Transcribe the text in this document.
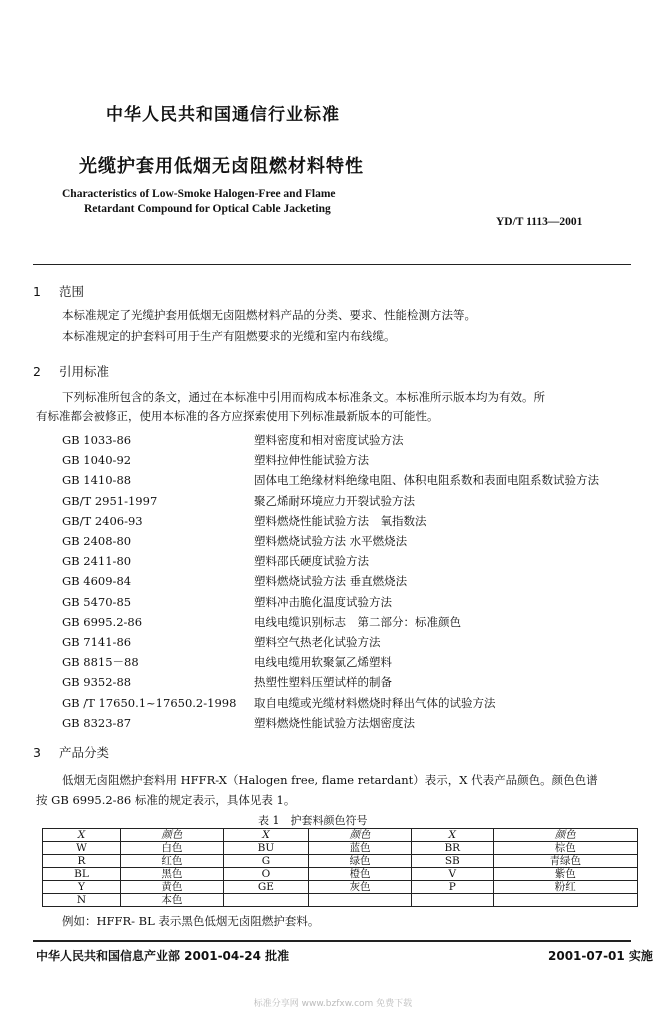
中华人民共和国通信行业标准
光缆护套用低烟无卤阻燃材料特性
Characteristics of Low-Smoke Halogen-Free and Flame
Retardant Compound for Optical Cable Jacketing
YD/T 1113—2001
1 范围
本标准规定了光缆护套用低烟无卤阻燃材料产品的分类、要求、性能检测方法等。
本标准规定的护套料可用于生产有阻燃要求的光缆和室内布线缆。
2 引用标准
下列标准所包含的条文，通过在本标准中引用而构成本标准条文。本标准所示版本均为有效。所
有标准都会被修正，使用本标准的各方应探索使用下列标准最新版本的可能性。
GB 1033-86	塑料密度和相对密度试验方法
GB 1040-92	塑料拉伸性能试验方法
GB 1410-88	固体电工绝缘材料绝缘电阻、体积电阻系数和表面电阻系数试验方法
GB/T 2951-1997	聚乙烯耐环境应力开裂试验方法
GB/T 2406-93	塑料燃烧性能试验方法　氧指数法
GB 2408-80	塑料燃烧试验方法 水平燃烧法
GB 2411-80	塑料邵氏硬度试验方法
GB 4609-84	塑料燃烧试验方法 垂直燃烧法
GB 5470-85	塑料冲击脆化温度试验方法
GB 6995.2-86	电线电缆识别标志　第二部分：标准颜色
GB 7141-86	塑料空气热老化试验方法
GB 8815－88	电线电缆用软聚氯乙烯塑料
GB 9352-88	热塑性塑料压塑试样的制备
GB /T 17650.1~17650.2-1998	取自电缆或光缆材料燃烧时释出气体的试验方法
GB 8323-87	塑料燃烧性能试验方法烟密度法
3 产品分类
低烟无卤阻燃护套料用 HFFR-X（Halogen free, flame retardant）表示，X 代表产品颜色。颜色色谱
按 GB 6995.2-86 标准的规定表示，具体见表 1。
表 1　护套料颜色符号
X	颜色	X	颜色	X	颜色
W	白色	BU	蓝色	BR	棕色
R	红色	G	绿色	SB	青绿色
BL	黑色	O	橙色	V	紫色
Y	黄色	GE	灰色	P	粉红
N	本色				
例如：HFFR- BL 表示黑色低烟无卤阻燃护套料。
中华人民共和国信息产业部 2001-04-24 批准	2001-07-01 实施
标准分享网 www.bzfxw.com 免费下载
